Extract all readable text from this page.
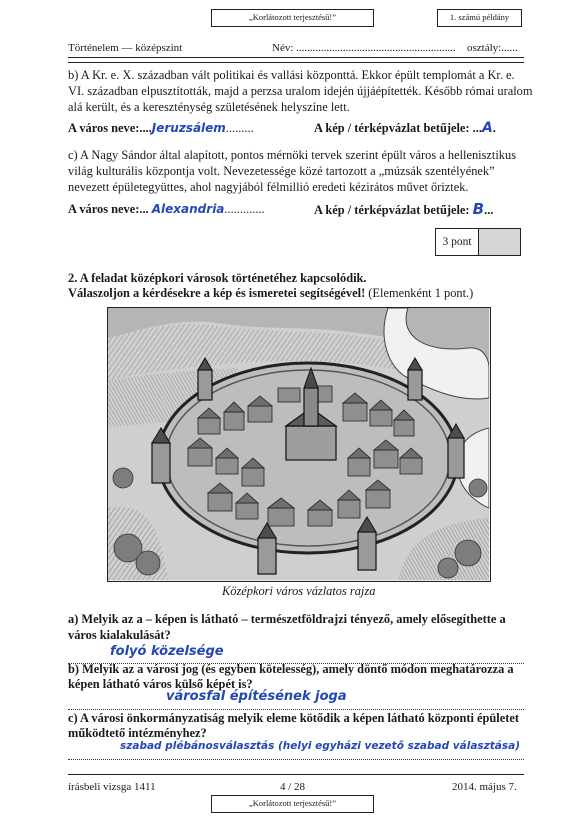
„Korlátozott terjesztésű!”	1. számú példány
Történelem — középszint	Név: .......................................................... osztály:......
b) A Kr. e. X. században vált politikai és vallási központtá. Ekkor épült templomát a Kr. e.
VI. században elpusztították, majd a perzsa uralom idején újjáépítették. Később római uralom
alá került, és a kereszténység születésének helyszíne lett.
A város neve:....Jeruzsálem.........	A kép / térképvázlat betűjele: ...A.
c) A Nagy Sándor által alapított, pontos mérnöki tervek szerint épült város a hellenisztikus
világ kulturális központja volt. Nevezetessége közé tartozott a „múzsák szentélyének”
nevezett épületegyüttes, ahol nagyjából félmillió eredeti kézirátos művet őriztek.
A város neve:... Alexandria.............	A kép / térképvázlat betűjele: B...
3 pont
2. A feladat középkori városok történetéhez kapcsolódik.
Válaszoljon a kérdésekre a kép és ismeretei segítségével! (Elemenként 1 pont.)
Középkori város vázlatos rajza
a) Melyik az a – képen is látható – természetföldrajzi tényező, amely elősegíthette a
város kialakulását?
folyó közelsége
b) Melyik az a városi jog (és egyben kötelesség), amely döntő módon meghatározza a
képen látható város külső képét is?
városfal építésének joga
c) A városi önkormányzatiság melyik eleme kötődik a képen látható központi épületet
működtető intézményhez?
szabad plébánosválasztás (helyi egyházi vezető szabad választása)
írásbeli vizsga 1411	4 / 28	2014. május 7.
„Korlátozott terjesztésű!”
